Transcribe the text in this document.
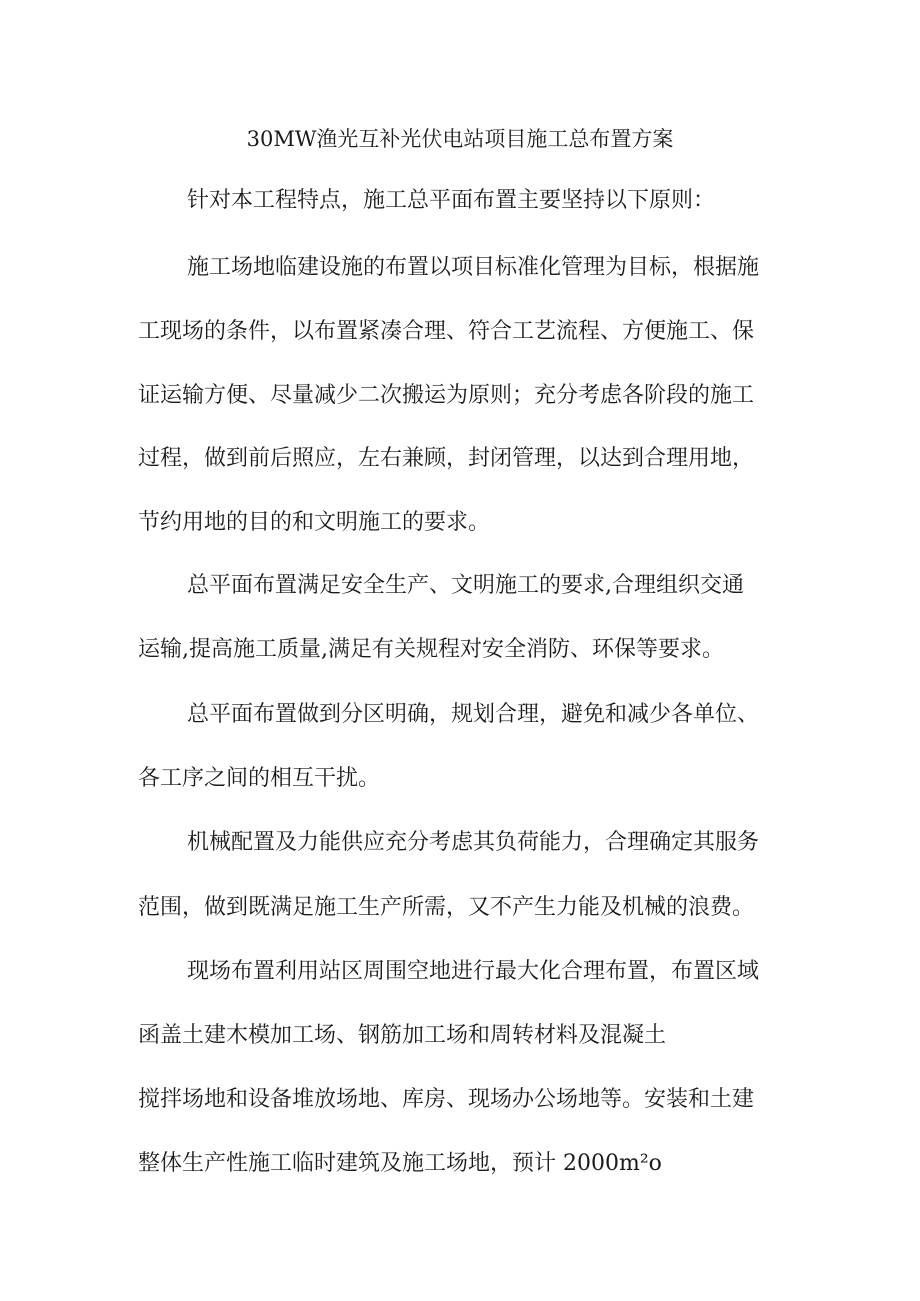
30MW渔光互补光伏电站项目施工总布置方案
针对本工程特点，施工总平面布置主要坚持以下原则：
施工场地临建设施的布置以项目标准化管理为目标，根据施
工现场的条件，以布置紧凑合理、符合工艺流程、方便施工、保
证运输方便、尽量减少二次搬运为原则；充分考虑各阶段的施工
过程，做到前后照应，左右兼顾，封闭管理，以达到合理用地，
节约用地的目的和文明施工的要求。
总平面布置满足安全生产、文明施工的要求,合理组织交通
运输,提高施工质量,满足有关规程对安全消防、环保等要求。
总平面布置做到分区明确，规划合理，避免和减少各单位、
各工序之间的相互干扰。
机械配置及力能供应充分考虑其负荷能力，合理确定其服务
范围，做到既满足施工生产所需，又不产生力能及机械的浪费。
现场布置利用站区周围空地进行最大化合理布置，布置区域
函盖土建木模加工场、钢筋加工场和周转材料及混凝土
搅拌场地和设备堆放场地、库房、现场办公场地等。安装和土建
整体生产性施工临时建筑及施工场地，预计 2000m²o
